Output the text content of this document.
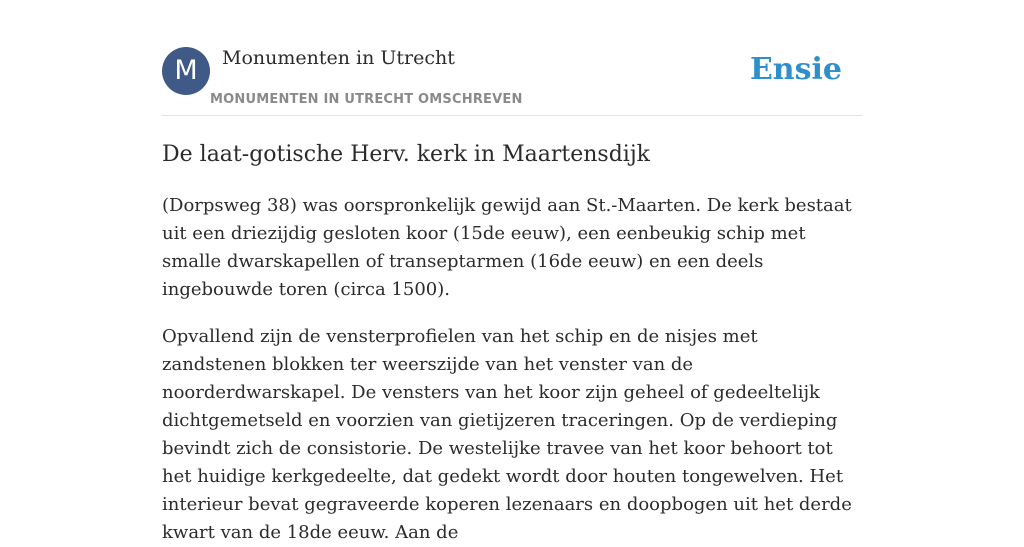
M	Monumenten in Utrecht
MONUMENTEN IN UTRECHT OMSCHREVEN
Ensie
De laat-gotische Herv. kerk in Maartensdijk

(Dorpsweg 38) was oorspronkelijk gewijd aan St.-Maarten. De kerk bestaat uit een driezijdig gesloten koor (15de eeuw), een eenbeukig schip met smalle dwarskapellen of transeptarmen (16de eeuw) en een deels ingebouwde toren (circa 1500).

Opvallend zijn de vensterprofielen van het schip en de nisjes met zandstenen blokken ter weerszijde van het venster van de noorderdwarskapel. De vensters van het koor zijn geheel of gedeeltelijk dichtgemetseld en voorzien van gietijzeren traceringen. Op de verdieping bevindt zich de consistorie. De westelijke travee van het koor behoort tot het huidige kerkgedeelte, dat gedekt wordt door houten tongewelven. Het interieur bevat gegraveerde koperen lezenaars en doopbogen uit het derde kwart van de 18de eeuw. Aan de
